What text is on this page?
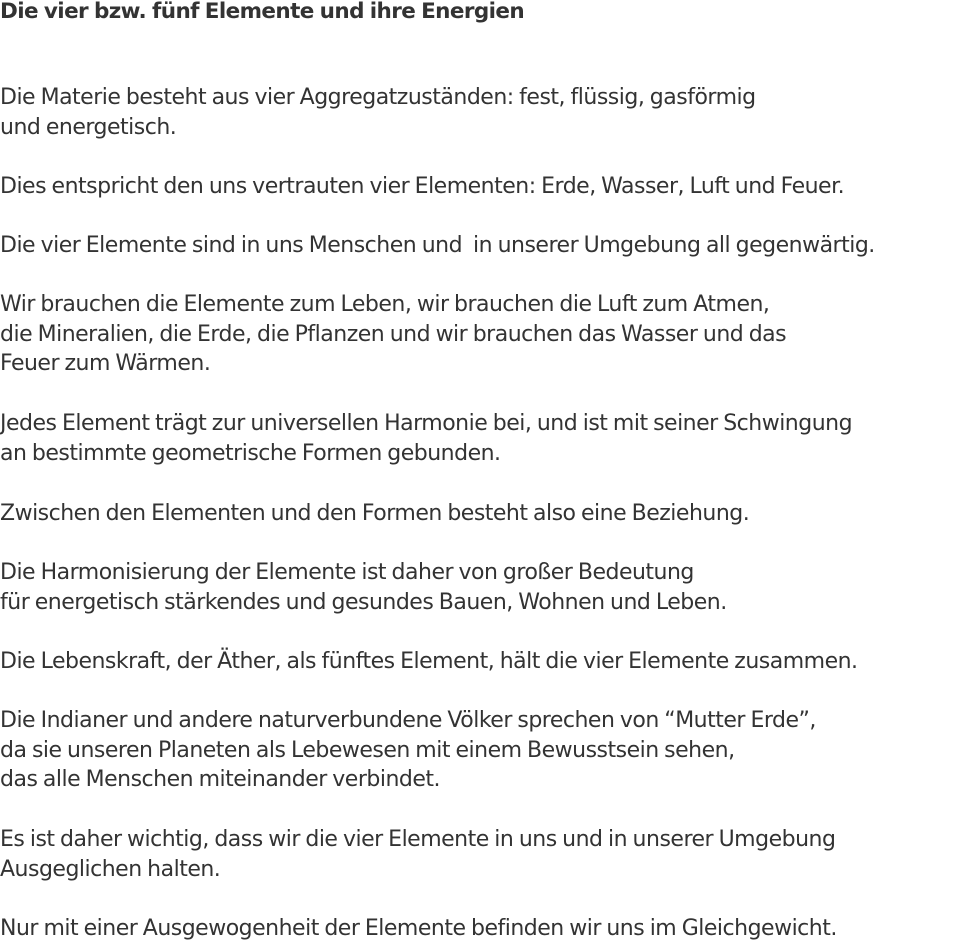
Die vier bzw. fünf Elemente und ihre Energien

Die Materie besteht aus vier Aggregatzuständen: fest, flüssig, gasförmig
und energetisch.

Dies entspricht den uns vertrauten vier Elementen: Erde, Wasser, Luft und Feuer.

Die vier Elemente sind in uns Menschen und  in unserer Umgebung all gegenwärtig.

Wir brauchen die Elemente zum Leben, wir brauchen die Luft zum Atmen,
die Mineralien, die Erde, die Pflanzen und wir brauchen das Wasser und das
Feuer zum Wärmen.

Jedes Element trägt zur universellen Harmonie bei, und ist mit seiner Schwingung
an bestimmte geometrische Formen gebunden.

Zwischen den Elementen und den Formen besteht also eine Beziehung.

Die Harmonisierung der Elemente ist daher von großer Bedeutung
für energetisch stärkendes und gesundes Bauen, Wohnen und Leben.

Die Lebenskraft, der Äther, als fünftes Element, hält die vier Elemente zusammen.

Die Indianer und andere naturverbundene Völker sprechen von “Mutter Erde”,
da sie unseren Planeten als Lebewesen mit einem Bewusstsein sehen,
das alle Menschen miteinander verbindet.

Es ist daher wichtig, dass wir die vier Elemente in uns und in unserer Umgebung
Ausgeglichen halten.

Nur mit einer Ausgewogenheit der Elemente befinden wir uns im Gleichgewicht.
